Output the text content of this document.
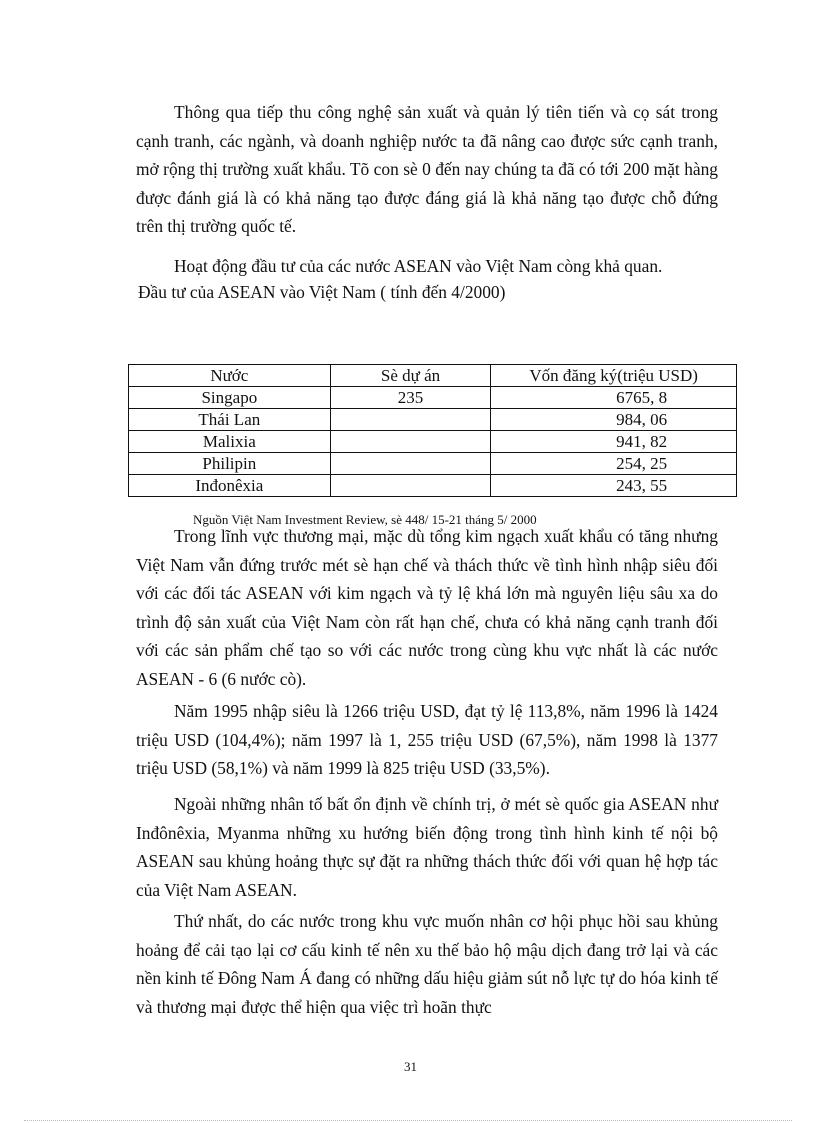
Thông qua tiếp thu công nghệ sản xuất và quản lý tiên tiến và cọ sát trong cạnh tranh, các ngành, và doanh nghiệp nước ta đã nâng cao được sức cạnh tranh, mở rộng thị trường xuất khẩu. Tõ con sè 0 đến nay chúng ta đã có tới 200 mặt hàng được đánh giá là có khả năng tạo được đáng giá là khả năng tạo được chỗ đứng trên thị trường quốc tế.

Hoạt động đầu tư của các nước ASEAN vào Việt Nam còng khả quan.

Đầu tư của ASEAN vào Việt Nam ( tính đến 4/2000)

Nước	Sè dự án	Vốn đăng ký(triệu USD)
Singapo	235	6765, 8
Thái Lan		984, 06
Malixia		941, 82
Philipin		254, 25
Inđonêxia		243, 55

Nguồn Việt Nam Investment Review, sè 448/ 15-21 tháng 5/ 2000

Trong lĩnh vực thương mại, mặc dù tổng kim ngạch xuất khẩu có tăng nhưng Việt Nam vẫn đứng trước mét sè hạn chế và thách thức về tình hình nhập siêu đối với các đối tác ASEAN với kim ngạch và tỷ lệ khá lớn mà nguyên liệu sâu xa do trình độ sản xuất của Việt Nam còn rất hạn chế, chưa có khả năng cạnh tranh đối với các sản phẩm chế tạo so với các nước trong cùng khu vực nhất là các nước ASEAN - 6 (6 nước cò).

Năm 1995 nhập siêu là 1266 triệu USD, đạt tỷ lệ 113,8%, năm 1996 là 1424 triệu USD (104,4%); năm 1997 là 1, 255 triệu USD (67,5%), năm 1998 là 1377 triệu USD (58,1%) và năm 1999 là 825 triệu USD (33,5%).

Ngoài những nhân tố bất ổn định về chính trị, ở mét sè quốc gia ASEAN như Inđônêxia, Myanma những xu hướng biến động trong tình hình kinh tế nội bộ ASEAN sau khủng hoảng thực sự đặt ra những thách thức đối với quan hệ hợp tác của Việt Nam ASEAN.

Thứ nhất, do các nước trong khu vực muốn nhân cơ hội phục hồi sau khủng hoảng để cải tạo lại cơ cấu kinh tế nên xu thế bảo hộ mậu dịch đang trở lại và các nền kinh tế Đông Nam Á đang có những dấu hiệu giảm sút nỗ lực tự do hóa kinh tế và thương mại được thể hiện qua việc trì hoãn thực

31
